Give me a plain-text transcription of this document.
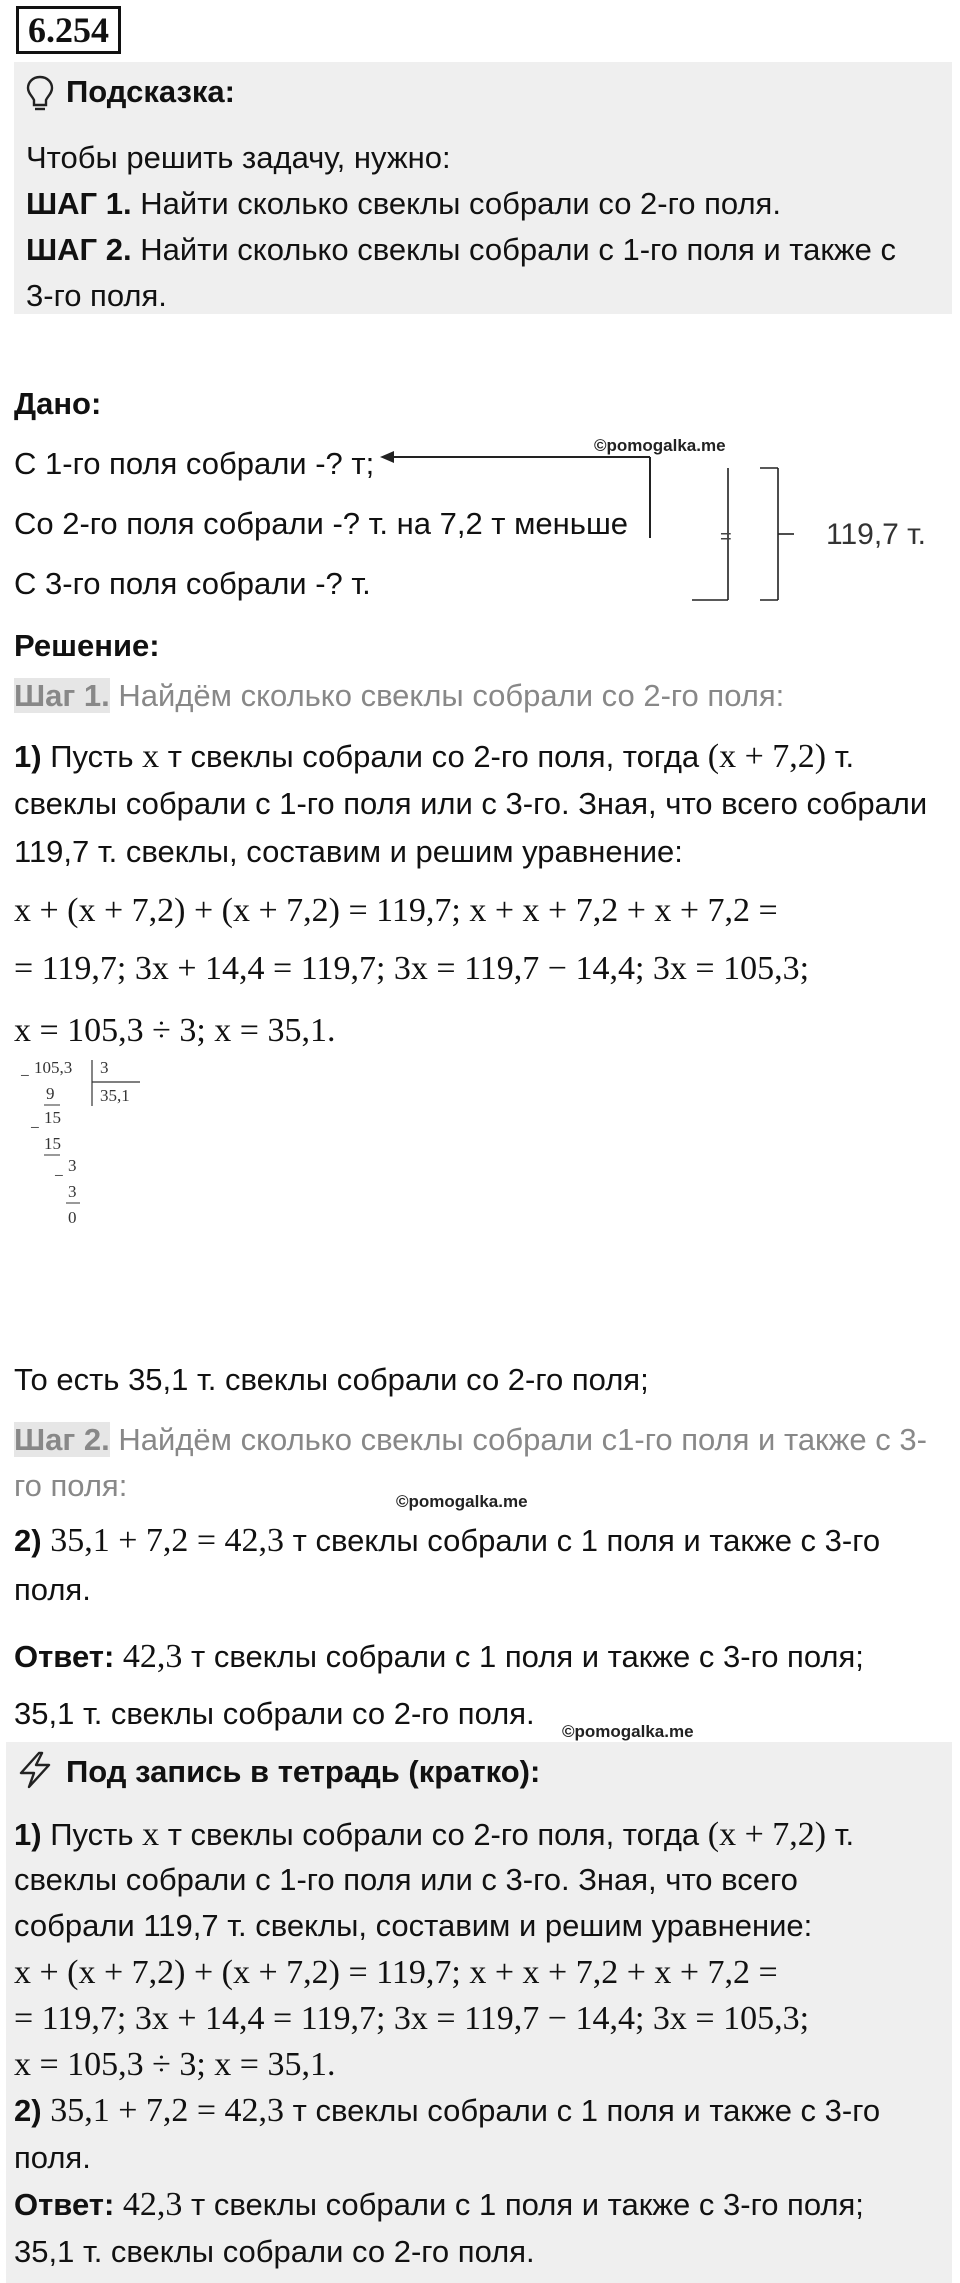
6.254
Подсказка:
Чтобы решить задачу, нужно:
ШАГ 1. Найти сколько свеклы собрали со 2-го поля.
ШАГ 2. Найти сколько свеклы собрали с 1-го поля и также с
3-го поля.
Дано:
С 1-го поля собрали -? т;
Со 2-го поля собрали -? т. на 7,2 т меньше
С 3-го поля собрали -? т.
©pomogalka.me
=	119,7 т.
Решение:
Шаг 1. Найдём сколько свеклы собрали со 2-го поля:
1) Пусть x т свеклы собрали со 2-го поля, тогда (x + 7,2) т.
свеклы собрали с 1-го поля или с 3-го. Зная, что всего собрали
119,7 т. свеклы, составим и решим уравнение:
x + (x + 7,2) + (x + 7,2) = 119,7; x + x + 7,2 + x + 7,2 =
= 119,7; 3x + 14,4 = 119,7; 3x = 119,7 − 14,4; 3x = 105,3;
x = 105,3 ÷ 3; x = 35,1.
− 105,3 3
35,1
9
−
15
15
−
3
3
0
То есть 35,1 т. свеклы собрали со 2-го поля;
Шаг 2. Найдём сколько свеклы собрали с1-го поля и также с 3-
го поля:	©pomogalka.me
2) 35,1 + 7,2 = 42,3 т свеклы собрали с 1 поля и также с 3-го
поля.
Ответ: 42,3 т свеклы собрали с 1 поля и также с 3-го поля;
35,1 т. свеклы собрали со 2-го поля.
©pomogalka.me
Под запись в тетрадь (кратко):
1) Пусть x т свеклы собрали со 2-го поля, тогда (x + 7,2) т.
свеклы собрали с 1-го поля или с 3-го. Зная, что всего
собрали 119,7 т. свеклы, составим и решим уравнение:
x + (x + 7,2) + (x + 7,2) = 119,7; x + x + 7,2 + x + 7,2 =
= 119,7; 3x + 14,4 = 119,7; 3x = 119,7 − 14,4; 3x = 105,3;
x = 105,3 ÷ 3; x = 35,1.
2) 35,1 + 7,2 = 42,3 т свеклы собрали с 1 поля и также с 3-го
поля.
Ответ: 42,3 т свеклы собрали с 1 поля и также с 3-го поля;
35,1 т. свеклы собрали со 2-го поля.
